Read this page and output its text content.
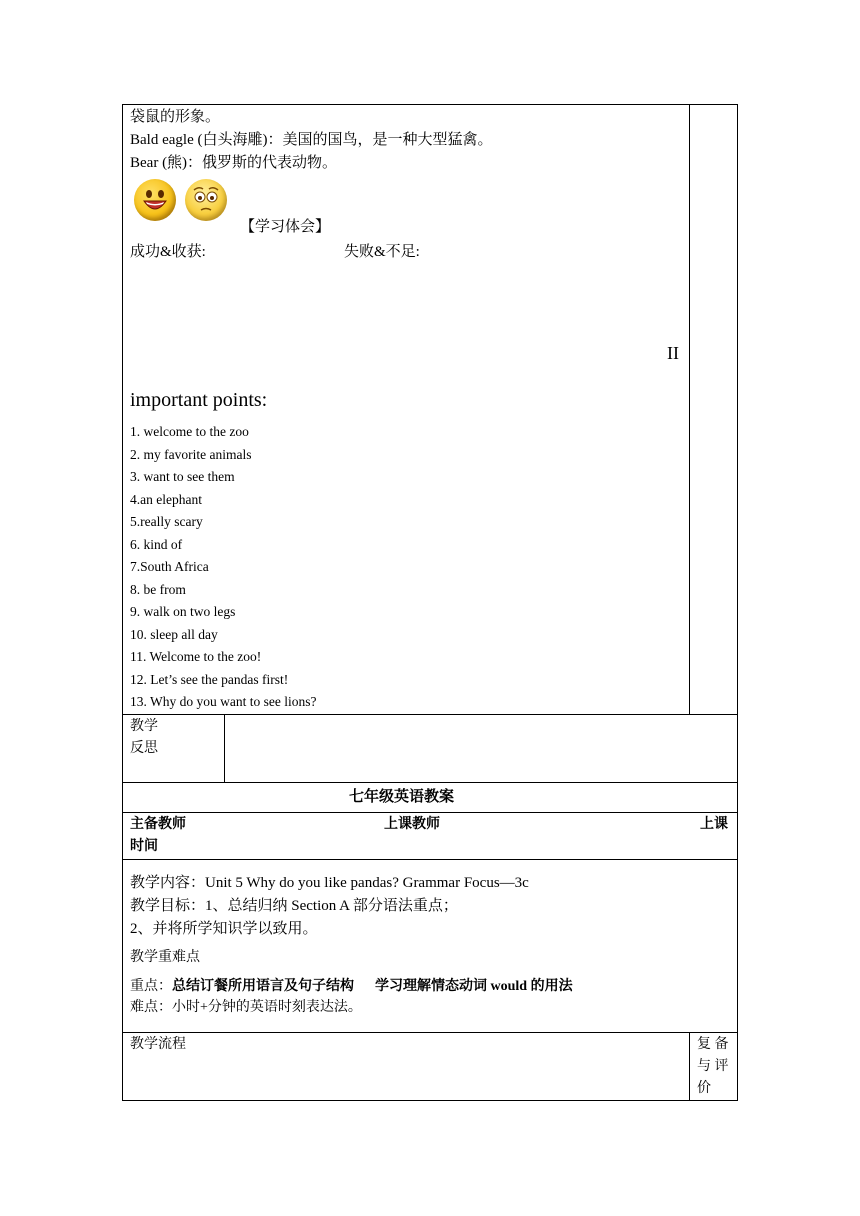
袋鼠的形象。
Bald eagle (白头海雕)：美国的国鸟，是一种大型猛禽。
Bear (熊)：俄罗斯的代表动物。
【学习体会】
成功&收获:	失败&不足:
II
important points:
1. welcome to the zoo
2. my favorite animals
3. want to see them
4.an elephant
5.really scary
6. kind of
7.South Africa
8. be from
9. walk on two legs
10. sleep all day
11. Welcome to the zoo!
12. Let’s see the pandas first!
13. Why do you want to see lions?
教学
反思
七年级英语教案
主备教师	上课教师	上课
时间
教学内容：Unit 5 Why do you like pandas? Grammar Focus—3c
教学目标：1、总结归纳 Section A 部分语法重点；
2、并将所学知识学以致用。
教学重难点
重点：总结订餐所用语言及句子结构      学习理解情态动词 would 的用法
难点：小时+分钟的英语时刻表达法。
教学流程	复 备
与 评
价
